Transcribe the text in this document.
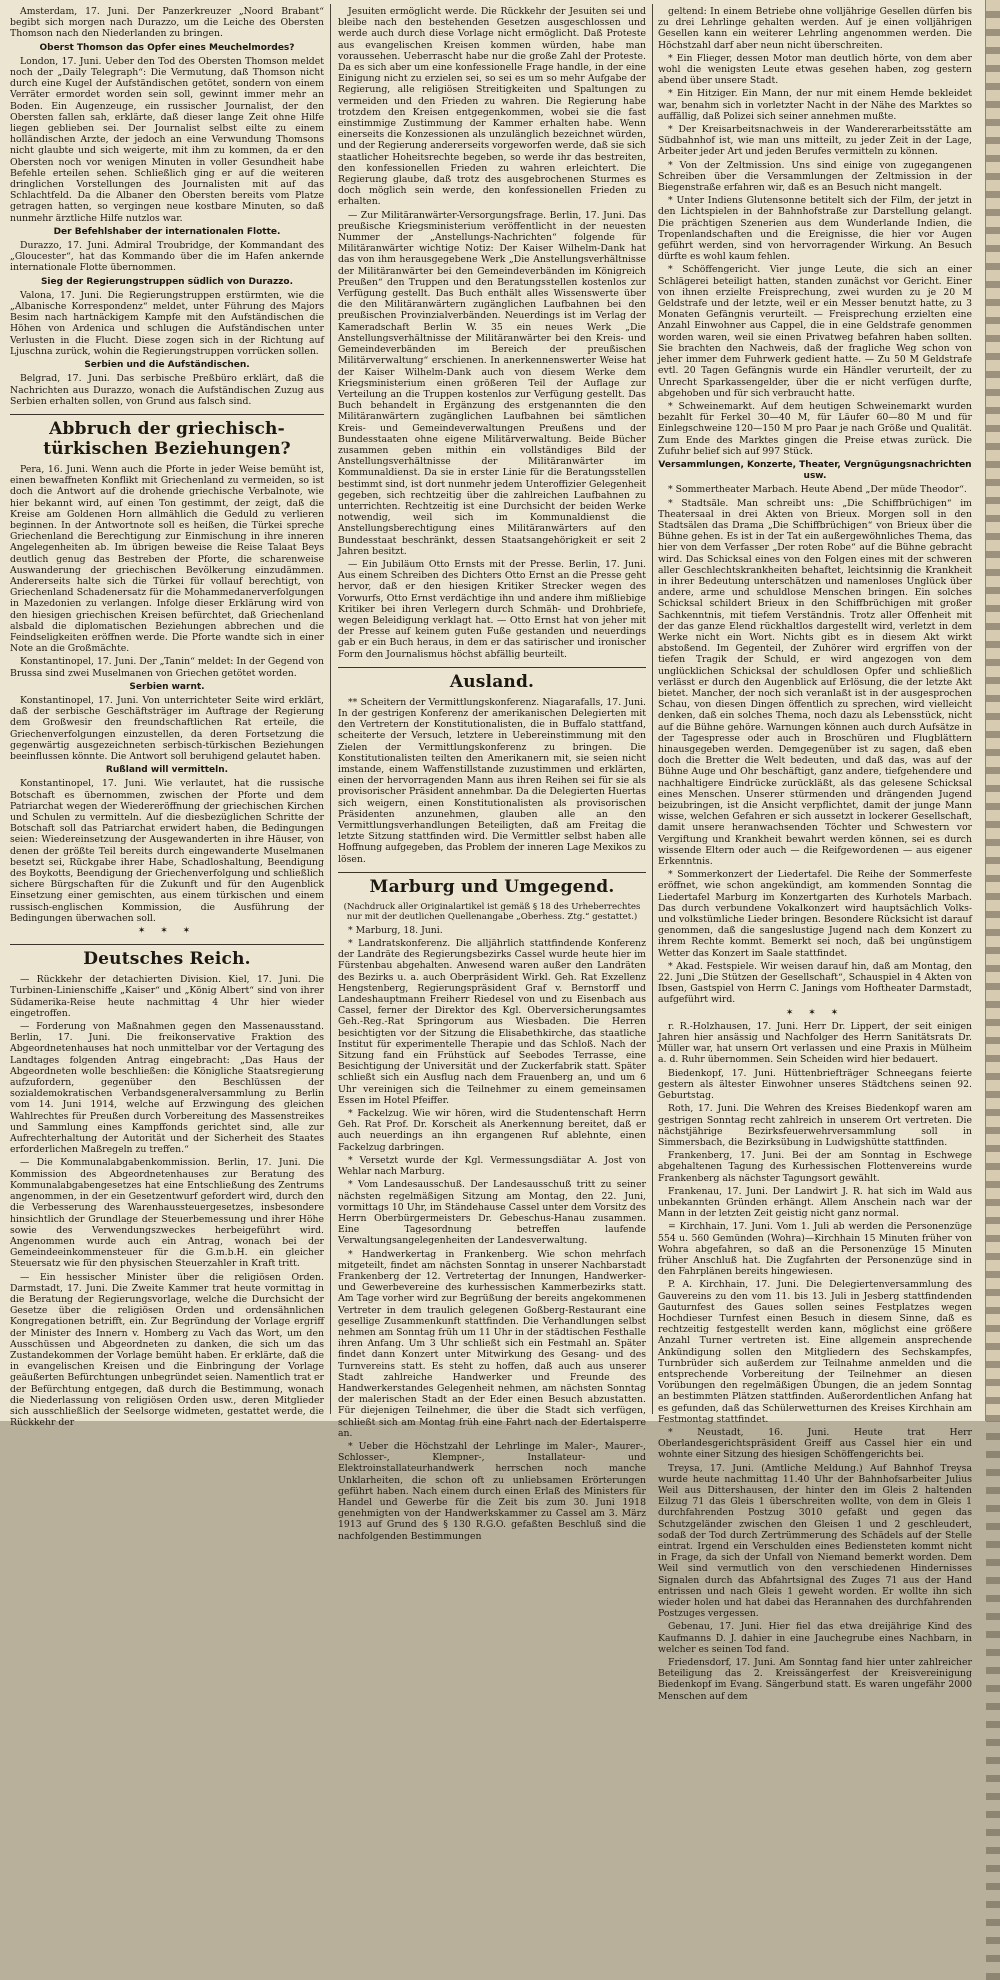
Amsterdam, 17. Juni. Der Panzerkreuzer „Noord Brabant“ begibt sich morgen nach Durazzo, um die Leiche des Obersten Thomson nach den Niederlanden zu bringen.
Oberst Thomson das Opfer eines Meuchelmordes?
London, 17. Juni. Ueber den Tod des Obersten Thomson meldet noch der „Daily Telegraph“: Die Vermutung, daß Thomson nicht durch eine Kugel der Aufständischen getötet, sondern von einem Verräter ermordet worden sein soll, gewinnt immer mehr an Boden. Ein Augenzeuge, ein russischer Journalist, der den Obersten fallen sah, erklärte, daß dieser lange Zeit ohne Hilfe liegen geblieben sei. Der Journalist selbst eilte zu einem holländischen Arzte, der jedoch an eine Verwundung Thomsons nicht glaubte und sich weigerte, mit ihm zu kommen, da er den Obersten noch vor wenigen Minuten in voller Gesundheit habe Befehle erteilen sehen. Schließlich ging er auf die weiteren dringlichen Vorstellungen des Journalisten mit auf das Schlachtfeld. Da die Albaner den Obersten bereits vom Platze getragen hatten, so vergingen neue kostbare Minuten, so daß nunmehr ärztliche Hilfe nutzlos war.
Der Befehlshaber der internationalen Flotte.
Durazzo, 17. Juni. Admiral Troubridge, der Kommandant des „Gloucester“, hat das Kommando über die im Hafen ankernde internationale Flotte übernommen.
Sieg der Regierungstruppen südlich von Durazzo.
Valona, 17. Juni. Die Regierungstruppen erstürmten, wie die „Albanische Korrespondenz“ meldet, unter Führung des Majors Besim nach hartnäckigem Kampfe mit den Aufständischen die Höhen von Ardenica und schlugen die Aufständischen unter Verlusten in die Flucht. Diese zogen sich in der Richtung auf Ljuschna zurück, wohin die Regierungstruppen vorrücken sollen.
Serbien und die Aufständischen.
Belgrad, 17. Juni. Das serbische Preßbüro erklärt, daß die Nachrichten aus Durazzo, wonach die Aufständischen Zuzug aus Serbien erhalten sollen, von Grund aus falsch sind.
Abbruch der griechisch-türkischen Beziehungen?
Pera, 16. Juni. Wenn auch die Pforte in jeder Weise bemüht ist, einen bewaffneten Konflikt mit Griechenland zu vermeiden, so ist doch die Antwort auf die drohende griechische Verbalnote, wie hier bekannt wird, auf einen Ton gestimmt, der zeigt, daß die Kreise am Goldenen Horn allmählich die Geduld zu verlieren beginnen. In der Antwortnote soll es heißen, die Türkei spreche Griechenland die Berechtigung zur Einmischung in ihre inneren Angelegenheiten ab. Im übrigen beweise die Reise Talaat Beys deutlich genug das Bestreben der Pforte, die scharenweise Auswanderung der griechischen Bevölkerung einzudämmen. Andererseits halte sich die Türkei für vollauf berechtigt, von Griechenland Schadenersatz für die Mohammedanerverfolgungen in Mazedonien zu verlangen. Infolge dieser Erklärung wird von den hiesigen griechischen Kreisen befürchtet, daß Griechenland alsbald die diplomatischen Beziehungen abbrechen und die Feindseligkeiten eröffnen werde. Die Pforte wandte sich in einer Note an die Großmächte.
Konstantinopel, 17. Juni. Der „Tanin“ meldet: In der Gegend von Brussa sind zwei Muselmanen von Griechen getötet worden.
Serbien warnt.
Konstantinopel, 17. Juni. Von unterrichteter Seite wird erklärt, daß der serbische Geschäftsträger im Auftrage der Regierung dem Großwesir den freundschaftlichen Rat erteile, die Griechenverfolgungen einzustellen, da deren Fortsetzung die gegenwärtig ausgezeichneten serbisch-türkischen Beziehungen beeinflussen könnte. Die Antwort soll beruhigend gelautet haben.
Rußland will vermitteln.
Konstantinopel, 17. Juni. Wie verlautet, hat die russische Botschaft es übernommen, zwischen der Pforte und dem Patriarchat wegen der Wiedereröffnung der griechischen Kirchen und Schulen zu vermitteln. Auf die diesbezüglichen Schritte der Botschaft soll das Patriarchat erwidert haben, die Bedingungen seien: Wiedereinsetzung der Ausgewanderten in ihre Häuser, von denen der größte Teil bereits durch eingewanderte Muselmanen besetzt sei, Rückgabe ihrer Habe, Schadloshaltung, Beendigung des Boykotts, Beendigung der Griechenverfolgung und schließlich sichere Bürgschaften für die Zukunft und für den Augenblick Einsetzung einer gemischten, aus einem türkischen und einem russisch-englischen Kommission, die Ausführung der Bedingungen überwachen soll.
✶ ✶ ✶
Deutsches Reich.
— Rückkehr der detachierten Division. Kiel, 17. Juni. Die Turbinen-Linienschiffe „Kaiser“ und „König Albert“ sind von ihrer Südamerika-Reise heute nachmittag 4 Uhr hier wieder eingetroffen.
— Forderung von Maßnahmen gegen den Massenausstand. Berlin, 17. Juni. Die freikonservative Fraktion des Abgeordnetenhauses hat noch unmittelbar vor der Vertagung des Landtages folgenden Antrag eingebracht: „Das Haus der Abgeordneten wolle beschließen: die Königliche Staatsregierung aufzufordern, gegenüber den Beschlüssen der sozialdemokratischen Verbandsgeneralversammlung zu Berlin vom 14. Juni 1914, welche auf Erzwingung des gleichen Wahlrechtes für Preußen durch Vorbereitung des Massenstreikes und Sammlung eines Kampffonds gerichtet sind, alle zur Aufrechterhaltung der Autorität und der Sicherheit des Staates erforderlichen Maßregeln zu treffen.“
— Die Kommunalabgabenkommission. Berlin, 17. Juni. Die Kommission des Abgeordnetenhauses zur Beratung des Kommunalabgabengesetzes hat eine Entschließung des Zentrums angenommen, in der ein Gesetzentwurf gefordert wird, durch den die Verbesserung des Warenhaussteuergesetzes, insbesondere hinsichtlich der Grundlage der Steuerbemessung und ihrer Höhe sowie des Verwendungszweckes herbeigeführt wird. Angenommen wurde auch ein Antrag, wonach bei der Gemeindeeinkommensteuer für die G.m.b.H. ein gleicher Steuersatz wie für den physischen Steuerzahler in Kraft tritt.
— Ein hessischer Minister über die religiösen Orden. Darmstadt, 17. Juni. Die Zweite Kammer trat heute vormittag in die Beratung der Regierungsvorlage, welche die Durchsicht der Gesetze über die religiösen Orden und ordensähnlichen Kongregationen betrifft, ein. Zur Begründung der Vorlage ergriff der Minister des Innern v. Homberg zu Vach das Wort, um den Ausschüssen und Abgeordneten zu danken, die sich um das Zustandekommen der Vorlage bemüht haben. Er erklärte, daß die in evangelischen Kreisen und die Einbringung der Vorlage geäußerten Befürchtungen unbegründet seien. Namentlich trat er der Befürchtung entgegen, daß durch die Bestimmung, wonach die Niederlassung von religiösen Orden usw., deren Mitglieder sich ausschließlich der Seelsorge widmeten, gestattet werde, die Rückkehr der
Jesuiten ermöglicht werde. Die Rückkehr der Jesuiten sei und bleibe nach den bestehenden Gesetzen ausgeschlossen und werde auch durch diese Vorlage nicht ermöglicht. Daß Proteste aus evangelischen Kreisen kommen würden, habe man voraussehen. Ueberrascht habe nur die große Zahl der Proteste. Da es sich aber um eine konfessionelle Frage handle, in der eine Einigung nicht zu erzielen sei, so sei es um so mehr Aufgabe der Regierung, alle religiösen Streitigkeiten und Spaltungen zu vermeiden und den Frieden zu wahren. Die Regierung habe trotzdem den Kreisen entgegenkommen, wobei sie die fast einstimmige Zustimmung der Kammer erhalten habe. Wenn einerseits die Konzessionen als unzulänglich bezeichnet würden, und der Regierung andererseits vorgeworfen werde, daß sie sich staatlicher Hoheitsrechte begeben, so werde ihr das bestreiten, den konfessionellen Frieden zu wahren erleichtert. Die Regierung glaube, daß trotz des ausgebrochenen Sturmes es doch möglich sein werde, den konfessionellen Frieden zu erhalten.
— Zur Militäranwärter-Versorgungsfrage. Berlin, 17. Juni. Das preußische Kriegsministerium veröffentlicht in der neuesten Nummer der „Anstellungs-Nachrichten“ folgende für Militäranwärter wichtige Notiz: Der Kaiser Wilhelm-Dank hat das von ihm herausgegebene Werk „Die Anstellungsverhältnisse der Militäranwärter bei den Gemeindeverbänden im Königreich Preußen“ den Truppen und den Beratungsstellen kostenlos zur Verfügung gestellt. Das Buch enthält alles Wissenswerte über die den Militäranwärtern zugänglichen Laufbahnen bei den preußischen Provinzialverbänden. Neuerdings ist im Verlag der Kameradschaft Berlin W. 35 ein neues Werk „Die Anstellungsverhältnisse der Militäranwärter bei den Kreis- und Gemeindeverbänden im Bereich der preußischen Militärverwaltung“ erschienen. In anerkennenswerter Weise hat der Kaiser Wilhelm-Dank auch von diesem Werke dem Kriegsministerium einen größeren Teil der Auflage zur Verteilung an die Truppen kostenlos zur Verfügung gestellt. Das Buch behandelt in Ergänzung des erstgenannten die den Militäranwärtern zugänglichen Laufbahnen bei sämtlichen Kreis- und Gemeindeverwaltungen Preußens und der Bundesstaaten ohne eigene Militärverwaltung. Beide Bücher zusammen geben mithin ein vollständiges Bild der Anstellungsverhältnisse der Militäranwärter im Kommunaldienst. Da sie in erster Linie für die Beratungsstellen bestimmt sind, ist dort nunmehr jedem Unteroffizier Gelegenheit gegeben, sich rechtzeitig über die zahlreichen Laufbahnen zu unterrichten. Rechtzeitig ist eine Durchsicht der beiden Werke notwendig, weil sich im Kommunaldienst die Anstellungsberechtigung eines Militäranwärters auf den Bundesstaat beschränkt, dessen Staatsangehörigkeit er seit 2 Jahren besitzt.
— Ein Jubiläum Otto Ernsts mit der Presse. Berlin, 17. Juni. Aus einem Schreiben des Dichters Otto Ernst an die Presse geht hervor, daß er den hiesigen Kritiker Strecker wegen des Vorwurfs, Otto Ernst verdächtige ihn und andere ihm mißliebige Kritiker bei ihren Verlegern durch Schmäh- und Drohbriefe, wegen Beleidigung verklagt hat. — Otto Ernst hat von jeher mit der Presse auf keinem guten Fuße gestanden und neuerdings gab er ein Buch heraus, in dem er das satirischer und ironischer Form den Journalismus höchst abfällig beurteilt.
Ausland.
** Scheitern der Vermittlungskonferenz. Niagarafalls, 17. Juni. In der gestrigen Konferenz der amerikanischen Delegierten mit den Vertretern der Konstitutionalisten, die in Buffalo stattfand, scheiterte der Versuch, letztere in Uebereinstimmung mit den Zielen der Vermittlungskonferenz zu bringen. Die Konstitutionalisten teilten den Amerikanern mit, sie seien nicht imstande, einem Waffenstillstande zuzustimmen und erklärten, einen der hervorragenden Mann aus ihren Reihen sei für sie als provisorischer Präsident annehmbar. Da die Delegierten Huertas sich weigern, einen Konstitutionalisten als provisorischen Präsidenten anzunehmen, glauben alle an den Vermittlungsverhandlungen Beteiligten, daß am Freitag die letzte Sitzung stattfinden wird. Die Vermittler selbst haben alle Hoffnung aufgegeben, das Problem der inneren Lage Mexikos zu lösen.
Marburg und Umgegend.
(Nachdruck aller Originalartikel ist gemäß § 18 des Urheberrechtes nur mit der deutlichen Quellenangabe „Oberhess. Ztg.“ gestattet.)
* Marburg, 18. Juni.
* Landratskonferenz. Die alljährlich stattfindende Konferenz der Landräte des Regierungsbezirks Cassel wurde heute hier im Fürstenbau abgehalten. Anwesend waren außer den Landräten des Bezirks u. a. auch Oberpräsident Wirkl. Geh. Rat Exzellenz Hengstenberg, Regierungspräsident Graf v. Bernstorff und Landeshauptmann Freiherr Riedesel von und zu Eisenbach aus Cassel, ferner der Direktor des Kgl. Oberversicherungsamtes Geh.-Reg.-Rat Springorum aus Wiesbaden. Die Herren besichtigten vor der Sitzung die Elisabethkirche, das staatliche Institut für experimentelle Therapie und das Schloß. Nach der Sitzung fand ein Frühstück auf Seebodes Terrasse, eine Besichtigung der Universität und der Zuckerfabrik statt. Später schließt sich ein Ausflug nach dem Frauenberg an, und um 6 Uhr vereinigen sich die Teilnehmer zu einem gemeinsamen Essen im Hotel Pfeiffer.
* Fackelzug. Wie wir hören, wird die Studentenschaft Herrn Geh. Rat Prof. Dr. Korscheit als Anerkennung bereitet, daß er auch neuerdings an ihn ergangenen Ruf ablehnte, einen Fackelzug darbringen.
* Versetzt wurde der Kgl. Vermessungsdiätar A. Jost von Wehlar nach Marburg.
* Vom Landesausschuß. Der Landesausschuß tritt zu seiner nächsten regelmäßigen Sitzung am Montag, den 22. Juni, vormittags 10 Uhr, im Ständehause Cassel unter dem Vorsitz des Herrn Oberbürgermeisters Dr. Gebeschus-Hanau zusammen. Eine Tagesordnung betreffen laufende Verwaltungsangelegenheiten der Landesverwaltung.
* Handwerkertag in Frankenberg. Wie schon mehrfach mitgeteilt, findet am nächsten Sonntag in unserer Nachbarstadt Frankenberg der 12. Vertretertag der Innungen, Handwerker- und Gewerbevereine des kurhessischen Kammerbezirks statt. Am Tage vorher wird zur Begrüßung der bereits angekommenen Vertreter in dem traulich gelegenen Goßberg-Restaurant eine gesellige Zusammenkunft stattfinden. Die Verhandlungen selbst nehmen am Sonntag früh um 11 Uhr in der städtischen Festhalle ihren Anfang. Um 3 Uhr schließt sich ein Festmahl an. Später findet dann Konzert unter Mitwirkung des Gesang- und des Turnvereins statt. Es steht zu hoffen, daß auch aus unserer Stadt zahlreiche Handwerker und Freunde des Handwerkerstandes Gelegenheit nehmen, am nächsten Sonntag der malerischen Stadt an der Eder einen Besuch abzustatten. Für diejenigen Teilnehmer, die über die Stadt sich verfügen, schließt sich am Montag früh eine Fahrt nach der Edertalsperre an.
* Ueber die Höchstzahl der Lehrlinge im Maler-, Maurer-, Schlosser-, Klempner-, Installateur- und Elektroinstallateurhandwerk herrschen noch manche Unklarheiten, die schon oft zu unliebsamen Erörterungen geführt haben. Nach einem durch einen Erlaß des Ministers für Handel und Gewerbe für die Zeit bis zum 30. Juni 1918 genehmigten von der Handwerkskammer zu Cassel am 3. März 1913 auf Grund des § 130 R.G.O. gefaßten Beschluß sind die nachfolgenden Bestimmungen
geltend: In einem Betriebe ohne volljährige Gesellen dürfen bis zu drei Lehrlinge gehalten werden. Auf je einen volljährigen Gesellen kann ein weiterer Lehrling angenommen werden. Die Höchstzahl darf aber neun nicht überschreiten.
* Ein Flieger, dessen Motor man deutlich hörte, von dem aber wohl die wenigsten Leute etwas gesehen haben, zog gestern abend über unsere Stadt.
* Ein Hitziger. Ein Mann, der nur mit einem Hemde bekleidet war, benahm sich in vorletzter Nacht in der Nähe des Marktes so auffällig, daß Polizei sich seiner annehmen mußte.
* Der Kreisarbeitsnachweis in der Wandererarbeitsstätte am Südbahnhof ist, wie man uns mitteilt, zu jeder Zeit in der Lage, Arbeiter jeder Art und jeden Berufes vermitteln zu können.
* Von der Zeltmission. Uns sind einige von zugegangenen Schreiben über die Versammlungen der Zeltmission in der Biegenstraße erfahren wir, daß es an Besuch nicht mangelt.
* Unter Indiens Glutensonne betitelt sich der Film, der jetzt in den Lichtspielen in der Bahnhofstraße zur Darstellung gelangt. Die prächtigen Szenerien aus dem Wunderlande Indien, die Tropenlandschaften und die Ereignisse, die hier vor Augen geführt werden, sind von hervorragender Wirkung. An Besuch dürfte es wohl kaum fehlen.
* Schöffengericht. Vier junge Leute, die sich an einer Schlägerei beteiligt hatten, standen zunächst vor Gericht. Einer von ihnen erzielte Freisprechung, zwei wurden zu je 20 M Geldstrafe und der letzte, weil er ein Messer benutzt hatte, zu 3 Monaten Gefängnis verurteilt. — Freisprechung erzielten eine Anzahl Einwohner aus Cappel, die in eine Geldstrafe genommen worden waren, weil sie einen Privatweg befahren haben sollten. Sie brachten den Nachweis, daß der fragliche Weg schon von jeher immer dem Fuhrwerk gedient hatte. — Zu 50 M Geldstrafe evtl. 20 Tagen Gefängnis wurde ein Händler verurteilt, der zu Unrecht Sparkassengelder, über die er nicht verfügen durfte, abgehoben und für sich verbraucht hatte.
* Schweinemarkt. Auf dem heutigen Schweinemarkt wurden bezahlt für Ferkel 30—40 M, für Läufer 60—80 M und für Einlegschweine 120—150 M pro Paar je nach Größe und Qualität. Zum Ende des Marktes gingen die Preise etwas zurück. Die Zufuhr belief sich auf 997 Stück.
Versammlungen, Konzerte, Theater, Vergnügungsnachrichten usw.
* Sommertheater Marbach. Heute Abend „Der müde Theodor“.
* Stadtsäle. Man schreibt uns: „Die Schiffbrüchigen“ im Theatersaal in drei Akten von Brieux. Morgen soll in den Stadtsälen das Drama „Die Schiffbrüchigen“ von Brieux über die Bühne gehen. Es ist in der Tat ein außergewöhnliches Thema, das hier von dem Verfasser „Der roten Robe“ auf die Bühne gebracht wird. Das Schicksal eines von den Folgen eines mit der schweren aller Geschlechtskrankheiten behaftet, leichtsinnig die Krankheit in ihrer Bedeutung unterschätzen und namenloses Unglück über andere, arme und schuldlose Menschen bringen. Ein solches Schicksal schildert Brieux in den Schiffbrüchigen mit großer Sachkenntnis, mit tiefem Verständnis. Trotz aller Offenheit mit der das ganze Elend rückhaltlos dargestellt wird, verletzt in dem Werke nicht ein Wort. Nichts gibt es in diesem Akt wirkt abstoßend. Im Gegenteil, der Zuhörer wird ergriffen von der tiefen Tragik der Schuld, er wird angezogen von dem unglücklichen Schicksal der schuldlosen Opfer und schließlich verlässt er durch den Augenblick auf Erlösung, die der letzte Akt bietet. Mancher, der noch sich veranlaßt ist in der ausgesprochen Schau, von diesen Dingen öffentlich zu sprechen, wird vielleicht denken, daß ein solches Thema, noch dazu als Lebensstück, nicht auf die Bühne gehöre. Warnungen können auch durch Aufsätze in der Tagespresse oder auch in Broschüren und Flugblättern hinausgegeben werden. Demgegenüber ist zu sagen, daß eben doch die Bretter die Welt bedeuten, und daß das, was auf der Bühne Auge und Ohr beschäftigt, ganz andere, tiefgehendere und nachhaltigere Eindrücke zurückläßt, als das gelesene Schicksal eines Menschen. Unserer stürmenden und drängenden Jugend beizubringen, ist die Ansicht verpflichtet, damit der junge Mann wisse, welchen Gefahren er sich aussetzt in lockerer Gesellschaft, damit unsere heranwachsenden Töchter und Schwestern vor Vergiftung und Krankheit bewahrt werden können, sei es durch wissende Eltern oder auch — die Reifgewordenen — aus eigener Erkenntnis.
* Sommerkonzert der Liedertafel. Die Reihe der Sommerfeste eröffnet, wie schon angekündigt, am kommenden Sonntag die Liedertafel Marburg im Konzertgarten des Kurhotels Marbach. Das durch verbundene Vokalkonzert wird hauptsächlich Volks- und volkstümliche Lieder bringen. Besondere Rücksicht ist darauf genommen, daß die sangeslustige Jugend nach dem Konzert zu ihrem Rechte kommt. Bemerkt sei noch, daß bei ungünstigem Wetter das Konzert im Saale stattfindet.
* Akad. Festspiele. Wir weisen darauf hin, daß am Montag, den 22. Juni „Die Stützen der Gesellschaft“, Schauspiel in 4 Akten von Ibsen, Gastspiel von Herrn C. Janings vom Hoftheater Darmstadt, aufgeführt wird.
✶ ✶ ✶
r. R.-Holzhausen, 17. Juni. Herr Dr. Lippert, der seit einigen Jahren hier ansässig und Nachfolger des Herrn Sanitätsrats Dr. Müller war, hat unsern Ort verlassen und eine Praxis in Mülheim a. d. Ruhr übernommen. Sein Scheiden wird hier bedauert.
Biedenkopf, 17. Juni. Hüttenbriefträger Schneegans feierte gestern als ältester Einwohner unseres Städtchens seinen 92. Geburtstag.
Roth, 17. Juni. Die Wehren des Kreises Biedenkopf waren am gestrigen Sonntag recht zahlreich in unserem Ort vertreten. Die nächstjährige Bezirksfeuerwehrversammlung soll in Simmersbach, die Bezirksübung in Ludwigshütte stattfinden.
Frankenberg, 17. Juni. Bei der am Sonntag in Eschwege abgehaltenen Tagung des Kurhessischen Flottenvereins wurde Frankenberg als nächster Tagungsort gewählt.
Frankenau, 17. Juni. Der Landwirt J. R. hat sich im Wald aus unbekannten Gründen erhängt. Allem Anschein nach war der Mann in der letzten Zeit geistig nicht ganz normal.
= Kirchhain, 17. Juni. Vom 1. Juli ab werden die Personenzüge 554 u. 560 Gemünden (Wohra)—Kirchhain 15 Minuten früher von Wohra abgefahren, so daß an die Personenzüge 15 Minuten früher Anschluß hat. Die Zugfahrten der Personenzüge sind in den Fahrplänen bereits hingewiesen.
P. A. Kirchhain, 17. Juni. Die Delegiertenversammlung des Gauvereins zu den vom 11. bis 13. Juli in Jesberg stattfindenden Gauturnfest des Gaues sollen seines Festplatzes wegen Hochdieser Turnfest einen Besuch in diesem Sinne, daß es rechtzeitig festgestellt werden kann, möglichst eine größere Anzahl Turner vertreten ist. Eine allgemein ansprechende Ankündigung sollen den Mitgliedern des Sechskampfes, Turnbrüder sich außerdem zur Teilnahme anmelden und die entsprechende Vorbereitung der Teilnehmer an diesen Vorübungen den regelmäßigen Übungen, die an jedem Sonntag an bestimmten Plätzen stattfinden. Außerordentlichen Anfang hat es gefunden, daß das Schülerwetturnen des Kreises Kirchhain am Festmontag stattfindet.
* Neustadt, 16. Juni. Heute trat Herr Oberlandesgerichtspräsident Greiff aus Cassel hier ein und wohnte einer Sitzung des hiesigen Schöffengerichts bei.
Treysa, 17. Juni. (Amtliche Meldung.) Auf Bahnhof Treysa wurde heute nachmittag 11.40 Uhr der Bahnhofsarbeiter Julius Weil aus Dittershausen, der hinter den im Gleis 2 haltenden Eilzug 71 das Gleis 1 überschreiten wollte, von dem in Gleis 1 durchfahrenden Postzug 3010 gefaßt und gegen das Schutzgeländer zwischen den Gleisen 1 und 2 geschleudert, sodaß der Tod durch Zertrümmerung des Schädels auf der Stelle eintrat. Irgend ein Verschulden eines Bediensteten kommt nicht in Frage, da sich der Unfall von Niemand bemerkt worden. Dem Weil sind vermutlich von den verschiedenen Hindernisses Signalen durch das Abfahrtsignal des Zuges 71 aus der Hand entrissen und nach Gleis 1 geweht worden. Er wollte ihn sich wieder holen und hat dabei das Herannahen des durchfahrenden Postzuges vergessen.
Gebenau, 17. Juni. Hier fiel das etwa dreijährige Kind des Kaufmanns D. J. dahier in eine Jauchegrube eines Nachbarn, in welcher es seinen Tod fand.
Friedensdorf, 17. Juni. Am Sonntag fand hier unter zahlreicher Beteiligung das 2. Kreissängerfest der Kreisvereinigung Biedenkopf im Evang. Sängerbund statt. Es waren ungefähr 2000 Menschen auf dem
